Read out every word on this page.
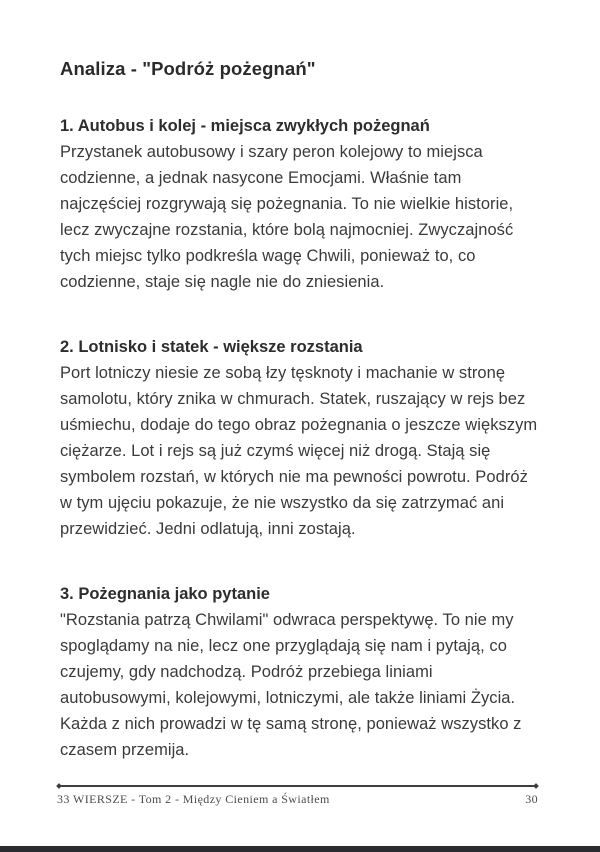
Analiza - "Podróż pożegnań"
1. Autobus i kolej - miejsca zwykłych pożegnań

Przystanek autobusowy i szary peron kolejowy to miejsca codzienne, a jednak nasycone Emocjami. Właśnie tam najczęściej rozgrywają się pożegnania. To nie wielkie historie, lecz zwyczajne rozstania, które bolą najmocniej. Zwyczajność tych miejsc tylko podkreśla wagę Chwili, ponieważ to, co codzienne, staje się nagle nie do zniesienia.

2. Lotnisko i statek - większe rozstania

Port lotniczy niesie ze sobą łzy tęsknoty i machanie w stronę samolotu, który znika w chmurach. Statek, ruszający w rejs bez uśmiechu, dodaje do tego obraz pożegnania o jeszcze większym ciężarze. Lot i rejs są już czymś więcej niż drogą. Stają się symbolem rozstań, w których nie ma pewności powrotu. Podróż w tym ujęciu pokazuje, że nie wszystko da się zatrzymać ani przewidzieć. Jedni odlatują, inni zostają.

3. Pożegnania jako pytanie

"Rozstania patrzą Chwilami" odwraca perspektywę. To nie my spoglądamy na nie, lecz one przyglądają się nam i pytają, co czujemy, gdy nadchodzą. Podróż przebiega liniami autobusowymi, kolejowymi, lotniczymi, ale także liniami Życia. Każda z nich prowadzi w tę samą stronę, ponieważ wszystko z czasem przemija.

33 WIERSZE - Tom 2 - Między Cieniem a Światłem	30
